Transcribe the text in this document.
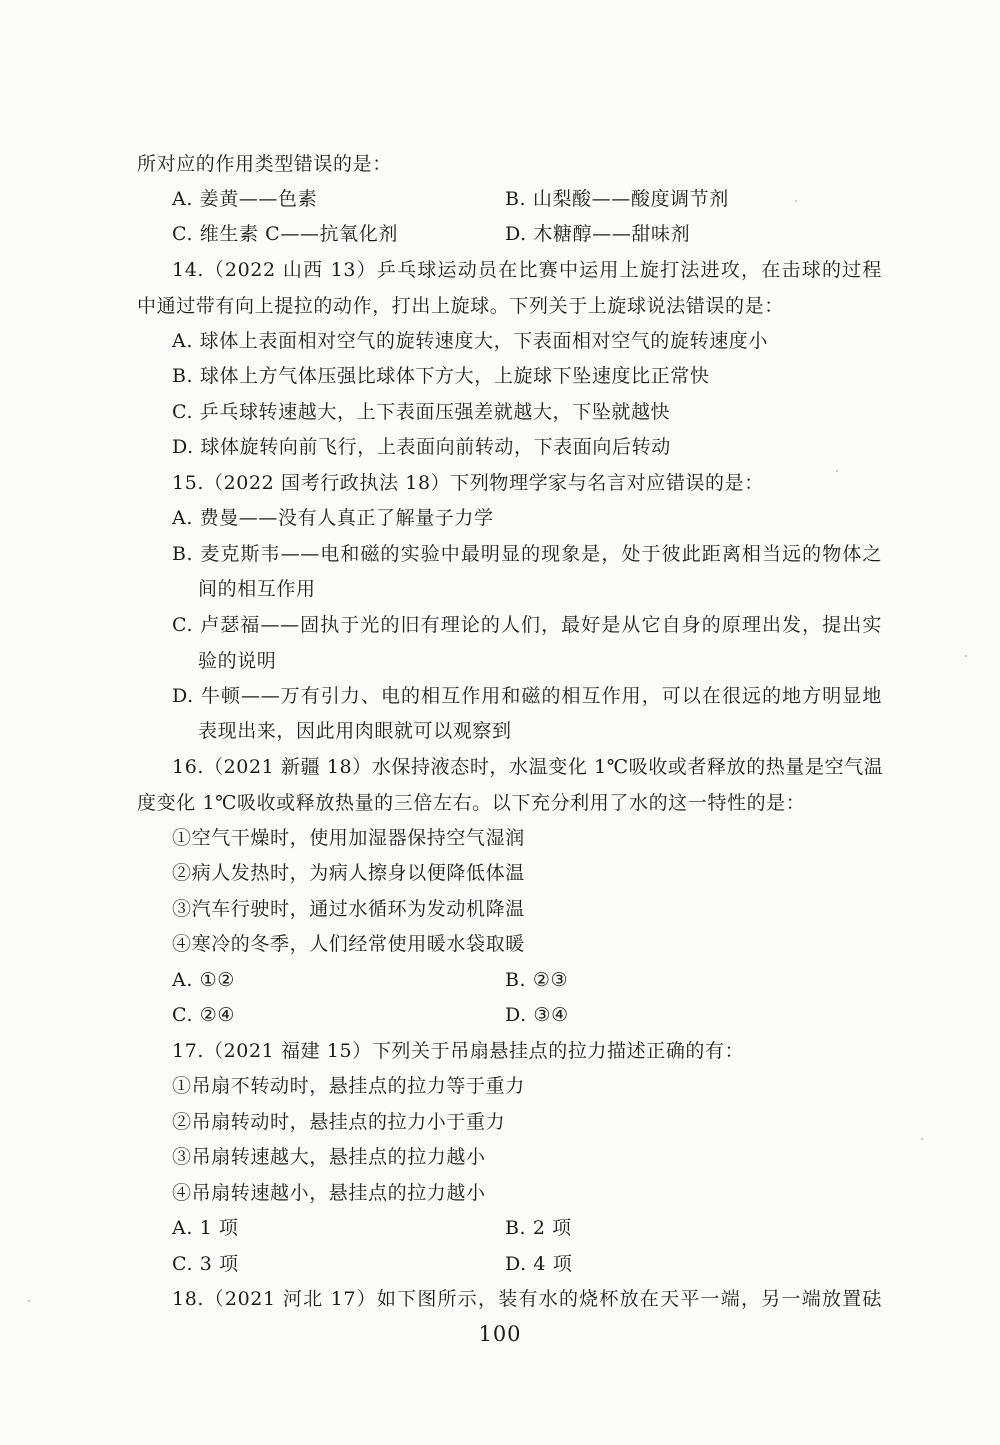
所对应的作用类型错误的是：
A. 姜黄——色素	B. 山梨酸——酸度调节剂
C. 维生素 C——抗氧化剂	D. 木糖醇——甜味剂
14.（2022 山西 13）乒乓球运动员在比赛中运用上旋打法进攻，在击球的过程
中通过带有向上提拉的动作，打出上旋球。下列关于上旋球说法错误的是：
A. 球体上表面相对空气的旋转速度大，下表面相对空气的旋转速度小
B. 球体上方气体压强比球体下方大，上旋球下坠速度比正常快
C. 乒乓球转速越大，上下表面压强差就越大，下坠就越快
D. 球体旋转向前飞行，上表面向前转动，下表面向后转动
15.（2022 国考行政执法 18）下列物理学家与名言对应错误的是：
A. 费曼——没有人真正了解量子力学
B. 麦克斯韦——电和磁的实验中最明显的现象是，处于彼此距离相当远的物体之
间的相互作用
C. 卢瑟福——固执于光的旧有理论的人们，最好是从它自身的原理出发，提出实
验的说明
D. 牛顿——万有引力、电的相互作用和磁的相互作用，可以在很远的地方明显地
表现出来，因此用肉眼就可以观察到
16.（2021 新疆 18）水保持液态时，水温变化 1℃吸收或者释放的热量是空气温
度变化 1℃吸收或释放热量的三倍左右。以下充分利用了水的这一特性的是：
①空气干燥时，使用加湿器保持空气湿润
②病人发热时，为病人擦身以便降低体温
③汽车行驶时，通过水循环为发动机降温
④寒冷的冬季，人们经常使用暖水袋取暖
A. ①②	B. ②③
C. ②④	D. ③④
17.（2021 福建 15）下列关于吊扇悬挂点的拉力描述正确的有：
①吊扇不转动时，悬挂点的拉力等于重力
②吊扇转动时，悬挂点的拉力小于重力
③吊扇转速越大，悬挂点的拉力越小
④吊扇转速越小，悬挂点的拉力越小
A. 1 项	B. 2 项
C. 3 项	D. 4 项
18.（2021 河北 17）如下图所示，装有水的烧杯放在天平一端，另一端放置砝
100
